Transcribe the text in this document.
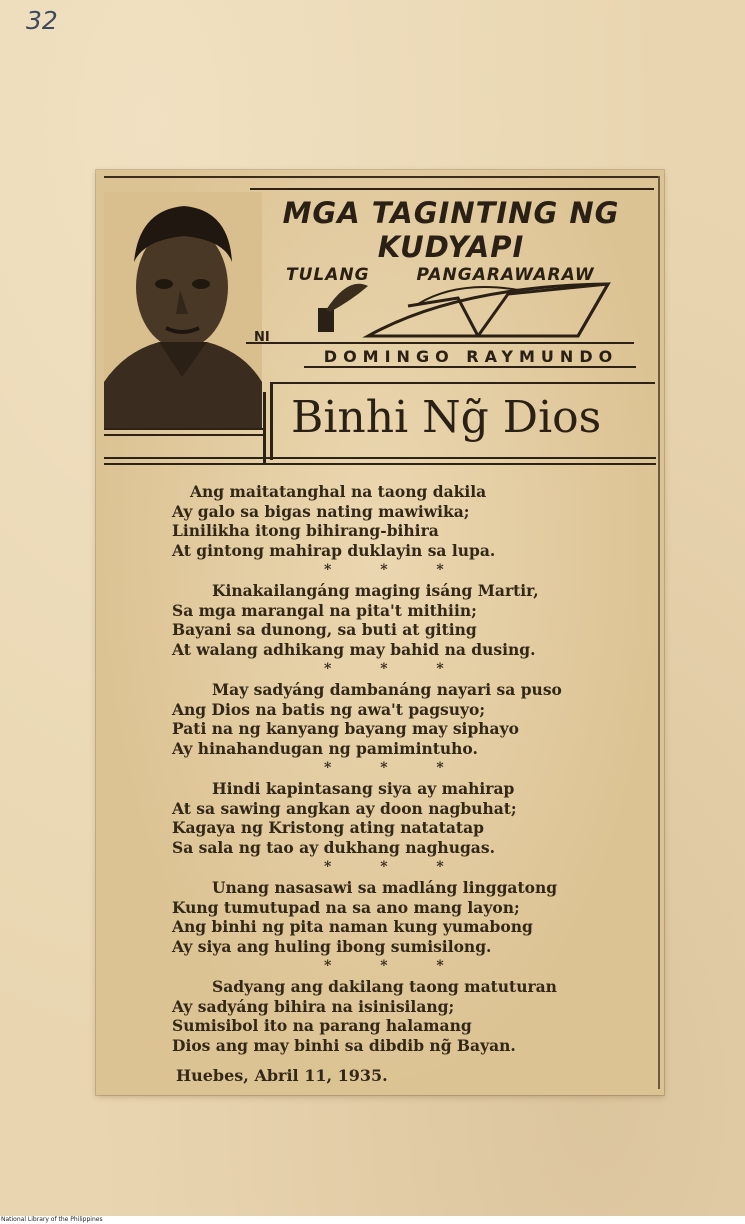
32
MGA TAGINTING NG
KUDYAPI
TULANG PANGARAWARAW
NI
DOMINGO RAYMUNDO
Binhi Ng̃ Dios
Ang maitatanghal na taong dakila
Ay galo sa bigas nating mawiwika;
Linilikha itong bihirang-bihira
At gintong mahirap duklayin sa lupa.
* * *
Kinakailangáng maging isáng Martir,
Sa mga marangal na pita't mithiin;
Bayani sa dunong, sa buti at giting
At walang adhikang may bahid na dusing.
* * *
May sadyáng dambanáng nayari sa puso
Ang Dios na batis ng awa't pagsuyo;
Pati na ng kanyang bayang may siphayo
Ay hinahandugan ng pamimintuho.
* * *
Hindi kapintasang siya ay mahirap
At sa sawing angkan ay doon nagbuhat;
Kagaya ng Kristong ating natatatap
Sa sala ng tao ay dukhang naghugas.
* * *
Unang nasasawi sa madláng linggatong
Kung tumutupad na sa ano mang layon;
Ang binhi ng pita naman kung yumabong
Ay siya ang huling ibong sumisilong.
* * *
Sadyang ang dakilang taong matuturan
Ay sadyáng bihira na isinisilang;
Sumisibol ito na parang halamang
Dios ang may binhi sa dibdib ng̃ Bayan.
Huebes, Abril 11, 1935.
National Library of the Philippines
